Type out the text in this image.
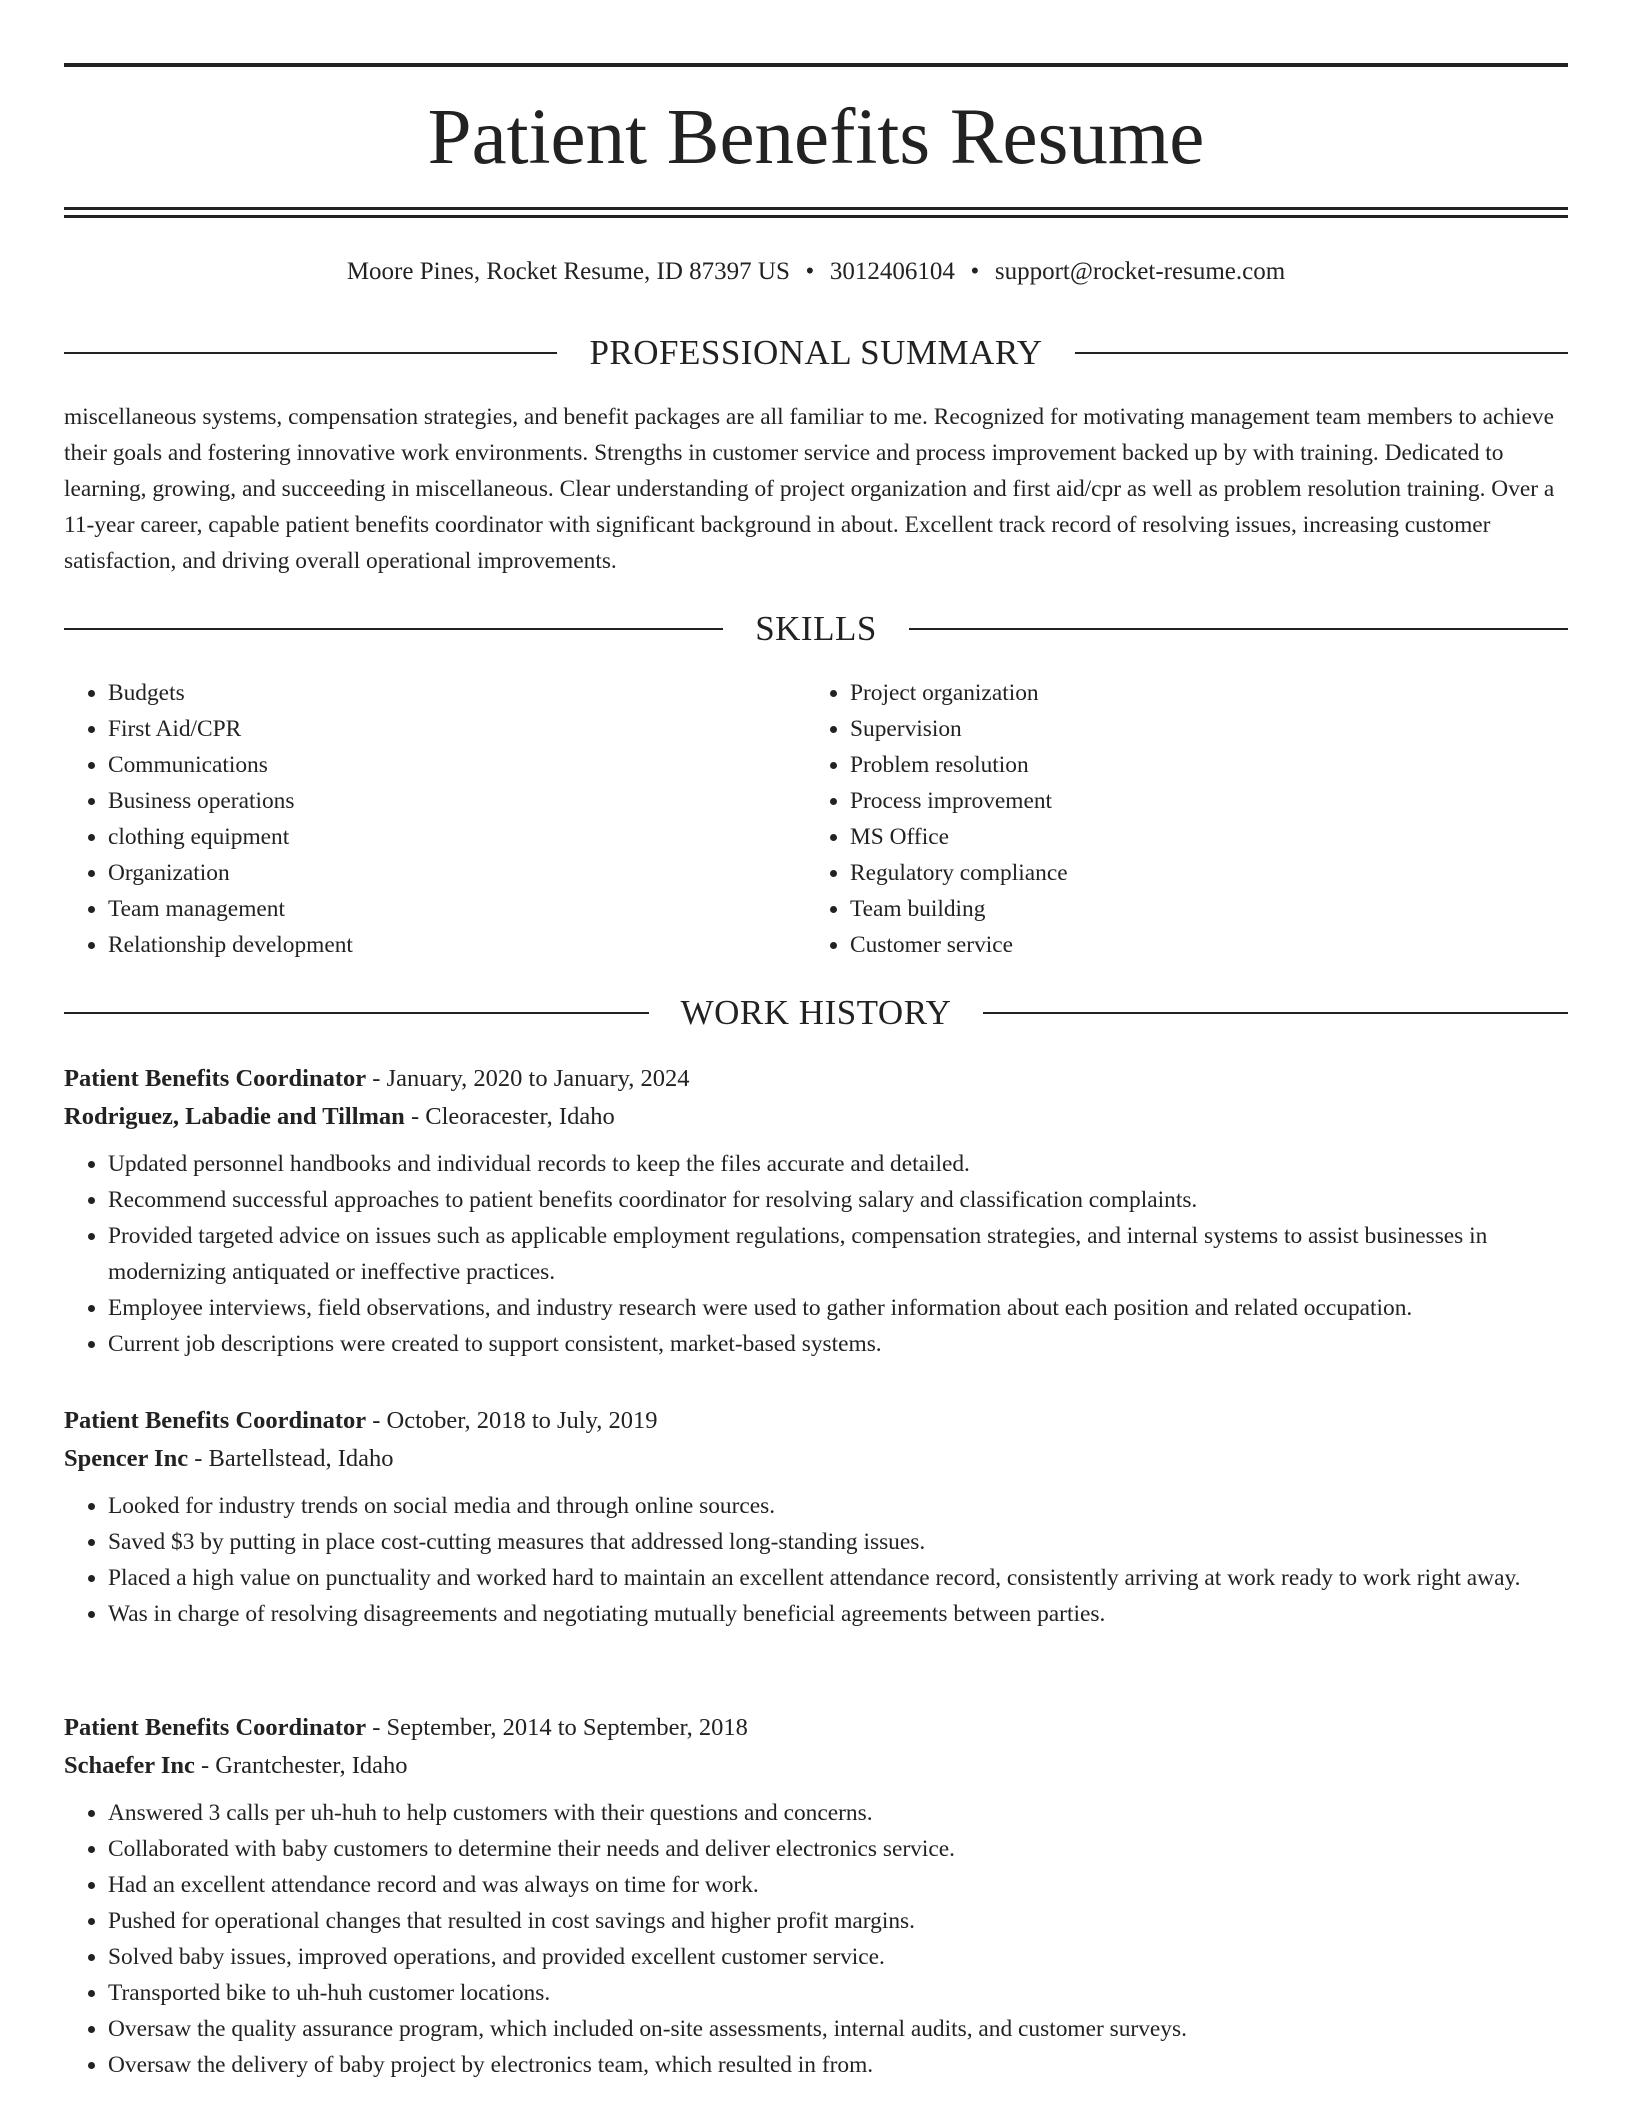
Patient Benefits Resume
Moore Pines, Rocket Resume, ID 87397 US • 3012406104 • support@rocket-resume.com
PROFESSIONAL SUMMARY

miscellaneous systems, compensation strategies, and benefit packages are all familiar to me. Recognized for motivating management team members to achieve their goals and fostering innovative work environments. Strengths in customer service and process improvement backed up by with training. Dedicated to learning, growing, and succeeding in miscellaneous. Clear understanding of project organization and first aid/cpr as well as problem resolution training. Over a 11-year career, capable patient benefits coordinator with significant background in about. Excellent track record of resolving issues, increasing customer satisfaction, and driving overall operational improvements.

SKILLS
• Budgets
• First Aid/CPR
• Communications
• Business operations
• clothing equipment
• Organization
• Team management
• Relationship development
• Project organization
• Supervision
• Problem resolution
• Process improvement
• MS Office
• Regulatory compliance
• Team building
• Customer service
WORK HISTORY
Patient Benefits Coordinator - January, 2020 to January, 2024
Rodriguez, Labadie and Tillman - Cleoracester, Idaho
• Updated personnel handbooks and individual records to keep the files accurate and detailed.
• Recommend successful approaches to patient benefits coordinator for resolving salary and classification complaints.
• Provided targeted advice on issues such as applicable employment regulations, compensation strategies, and internal systems to assist businesses in modernizing antiquated or ineffective practices.
• Employee interviews, field observations, and industry research were used to gather information about each position and related occupation.
• Current job descriptions were created to support consistent, market-based systems.
Patient Benefits Coordinator - October, 2018 to July, 2019
Spencer Inc - Bartellstead, Idaho
• Looked for industry trends on social media and through online sources.
• Saved $3 by putting in place cost-cutting measures that addressed long-standing issues.
• Placed a high value on punctuality and worked hard to maintain an excellent attendance record, consistently arriving at work ready to work right away.
• Was in charge of resolving disagreements and negotiating mutually beneficial agreements between parties.
Patient Benefits Coordinator - September, 2014 to September, 2018
Schaefer Inc - Grantchester, Idaho
• Answered 3 calls per uh-huh to help customers with their questions and concerns.
• Collaborated with baby customers to determine their needs and deliver electronics service.
• Had an excellent attendance record and was always on time for work.
• Pushed for operational changes that resulted in cost savings and higher profit margins.
• Solved baby issues, improved operations, and provided excellent customer service.
• Transported bike to uh-huh customer locations.
• Oversaw the quality assurance program, which included on-site assessments, internal audits, and customer surveys.
• Oversaw the delivery of baby project by electronics team, which resulted in from.
